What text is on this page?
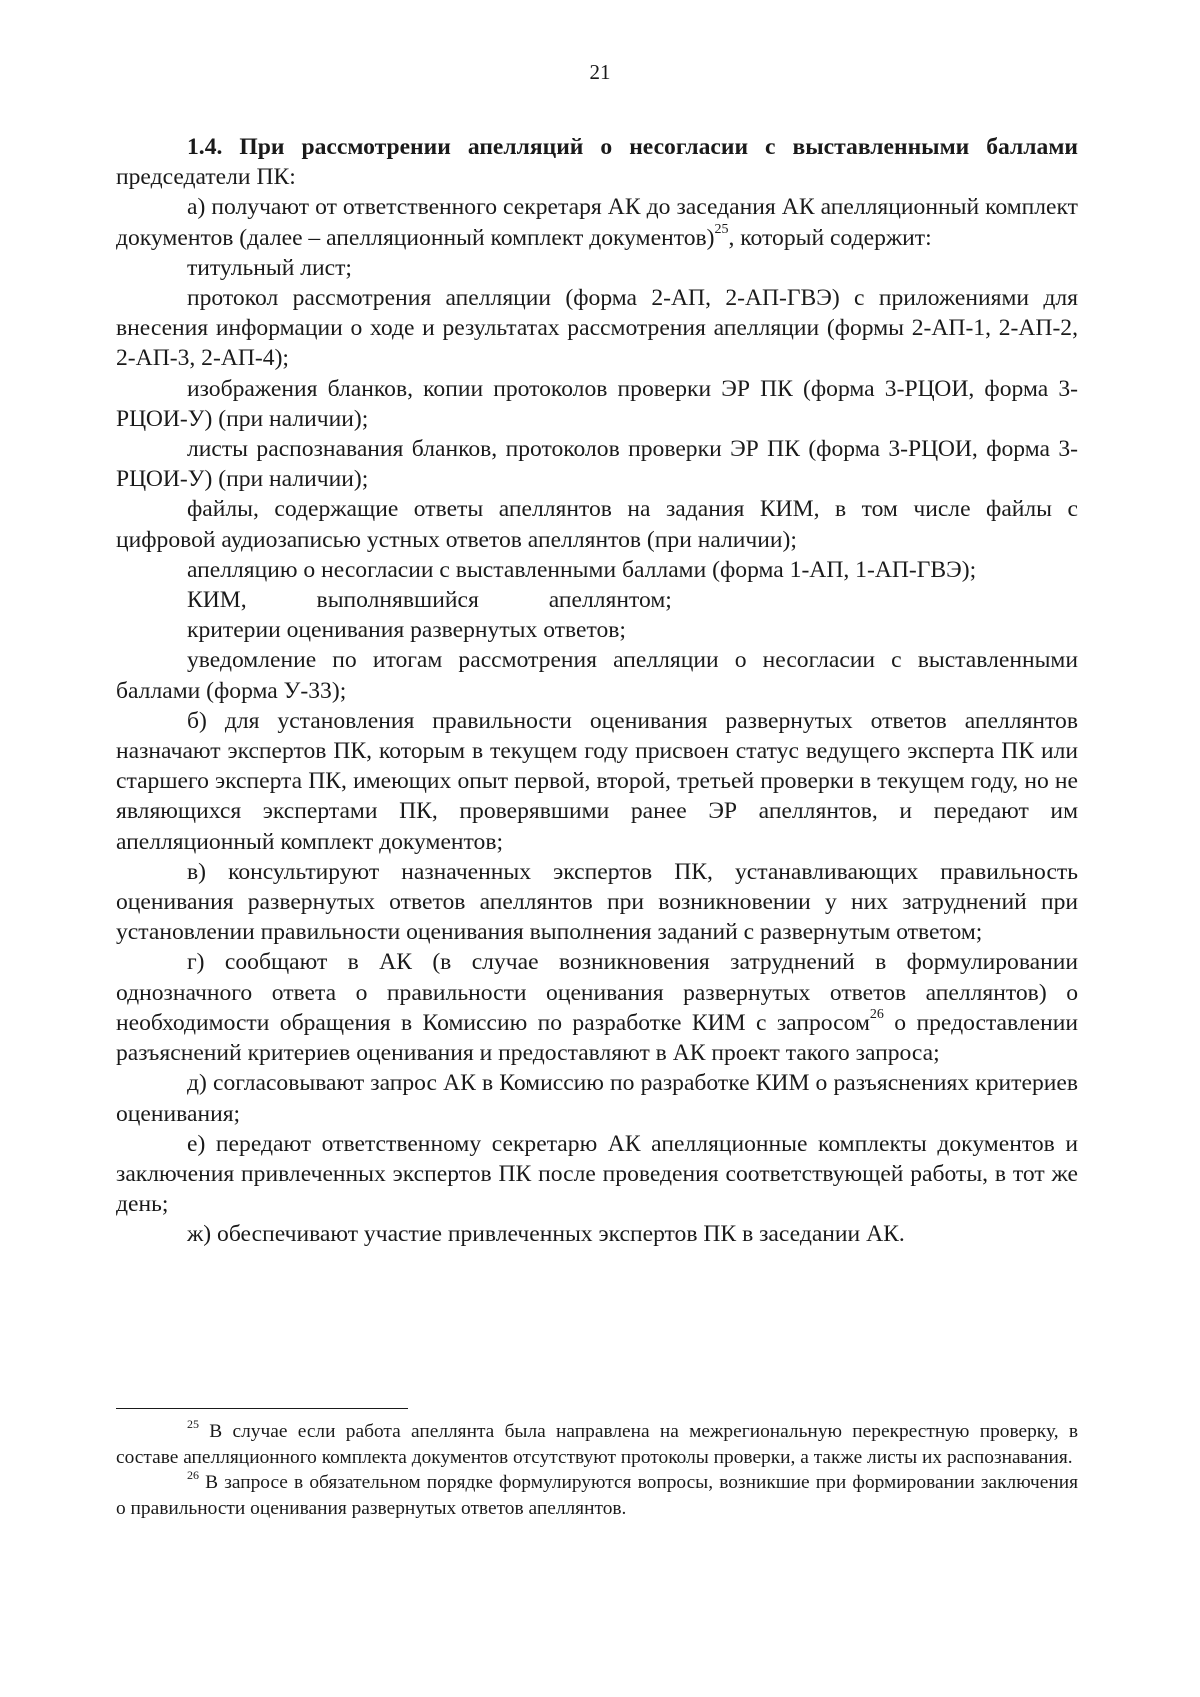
21

1.4. При рассмотрении апелляций о несогласии с выставленными баллами председатели ПК:

а) получают от ответственного секретаря АК до заседания АК апелляционный комплект документов (далее – апелляционный комплект документов)$^{25}$, который содержит:

титульный лист;

протокол рассмотрения апелляции (форма 2-АП, 2-АП-ГВЭ) с приложениями для внесения информации о ходе и результатах рассмотрения апелляции (формы 2-АП-1, 2-АП-2, 2-АП-3, 2-АП-4);

изображения бланков, копии протоколов проверки ЭР ПК (форма 3-РЦОИ, форма 3-РЦОИ-У) (при наличии);

листы распознавания бланков, протоколов проверки ЭР ПК (форма 3-РЦОИ, форма 3-РЦОИ-У) (при наличии);

файлы, содержащие ответы апеллянтов на задания КИМ, в том числе файлы с цифровой аудиозаписью устных ответов апеллянтов (при наличии);

апелляцию о несогласии с выставленными баллами (форма 1-АП, 1-АП-ГВЭ);

КИМ, выполнявшийся апеллянтом;

критерии оценивания развернутых ответов;

уведомление по итогам рассмотрения апелляции о несогласии с выставленными баллами (форма У-33);

б) для установления правильности оценивания развернутых ответов апеллянтов назначают экспертов ПК, которым в текущем году присвоен статус ведущего эксперта ПК или старшего эксперта ПК, имеющих опыт первой, второй, третьей проверки в текущем году, но не являющихся экспертами ПК, проверявшими ранее ЭР апеллянтов, и передают им апелляционный комплект документов;

в) консультируют назначенных экспертов ПК, устанавливающих правильность оценивания развернутых ответов апеллянтов при возникновении у них затруднений при установлении правильности оценивания выполнения заданий с развернутым ответом;

г) сообщают в АК (в случае возникновения затруднений в формулировании однозначного ответа о правильности оценивания развернутых ответов апеллянтов) о необходимости обращения в Комиссию по разработке КИМ с запросом$^{26}$ о предоставлении разъяснений критериев оценивания и предоставляют в АК проект такого запроса;

д) согласовывают запрос АК в Комиссию по разработке КИМ о разъяснениях критериев оценивания;

е) передают ответственному секретарю АК апелляционные комплекты документов и заключения привлеченных экспертов ПК после проведения соответствующей работы, в тот же день;

ж) обеспечивают участие привлеченных экспертов ПК в заседании АК.

$^{25}$ В случае если работа апеллянта была направлена на межрегиональную перекрестную проверку, в составе апелляционного комплекта документов отсутствуют протоколы проверки, а также листы их распознавания.

$^{26}$ В запросе в обязательном порядке формулируются вопросы, возникшие при формировании заключения о правильности оценивания развернутых ответов апеллянтов.
